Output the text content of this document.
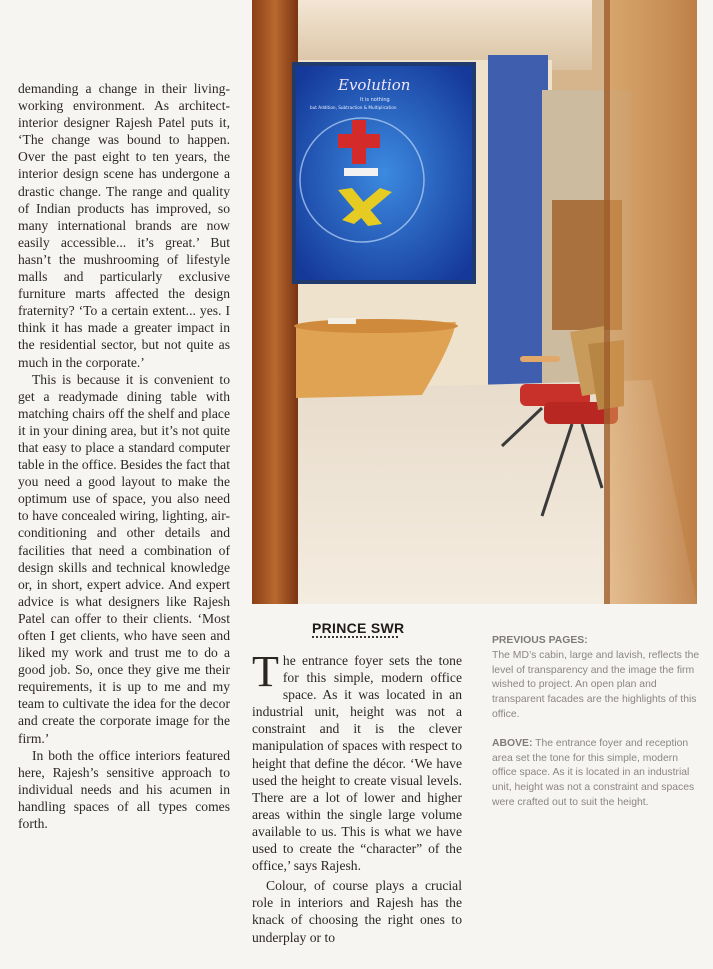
demanding a change in their living-working environment. As architect-interior designer Rajesh Patel puts it, ‘The change was bound to happen. Over the past eight to ten years, the interior design scene has undergone a drastic change. The range and quality of Indian products has improved, so many international brands are now easily accessible... it’s great.’ But hasn’t the mushrooming of lifestyle malls and particularly exclusive furniture marts affected the design fraternity? ‘To a certain extent... yes. I think it has made a greater impact in the residential sector, but not quite as much in the corporate.’

This is because it is convenient to get a readymade dining table with matching chairs off the shelf and place it in your dining area, but it’s not quite that easy to place a standard computer table in the office. Besides the fact that you need a good layout to make the optimum use of space, you also need to have concealed wiring, lighting, air-conditioning and other details and facilities that need a combination of design skills and technical knowledge or, in short, expert advice. And expert advice is what designers like Rajesh Patel can offer to their clients. ‘Most often I get clients, who have seen and liked my work and trust me to do a good job. So, once they give me their requirements, it is up to me and my team to cultivate the idea for the decor and create the corporate image for the firm.’

In both the office interiors featured here, Rajesh’s sensitive approach to individual needs and his acumen in handling spaces of all types comes forth.

Evolution
It is nothing
but Addition, Subtraction & Multiplication
PRINCE SWR

The entrance foyer sets the tone for this simple, modern office space. As it was located in an industrial unit, height was not a constraint and it is the clever manipulation of spaces with respect to height that define the décor. ‘We have used the height to create visual levels. There are a lot of lower and higher areas within the single large volume available to us. This is what we have used to create the “character” of the office,’ says Rajesh.

Colour, of course plays a crucial role in interiors and Rajesh has the knack of choosing the right ones to underplay or to

PREVIOUS PAGES:
The MD’s cabin, large and lavish, reflects the level of transparency and the image the firm wished to project. An open plan and transparent facades are the highlights of this office.
ABOVE: The entrance foyer and reception area set the tone for this simple, modern office space. As it is located in an industrial unit, height was not a constraint and spaces were crafted out to suit the height.
